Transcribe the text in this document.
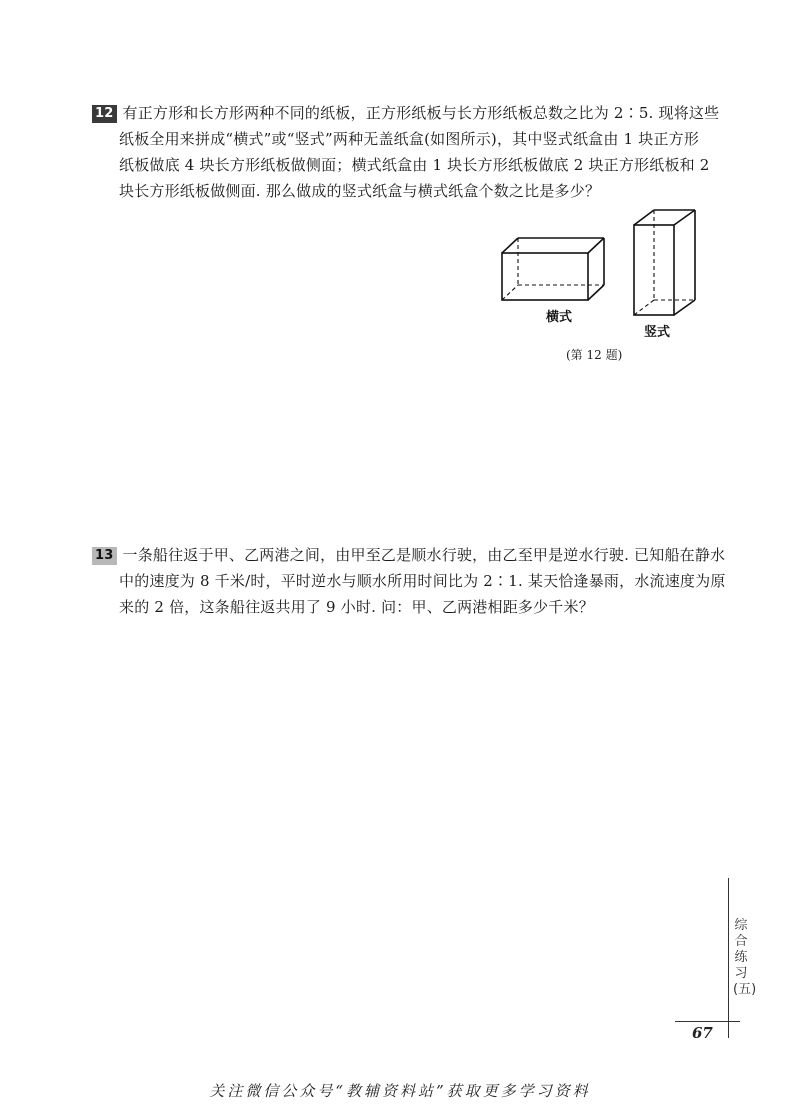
12 有正方形和长方形两种不同的纸板，正方形纸板与长方形纸板总数之比为 2∶5. 现将这些
纸板全用来拼成“横式”或“竖式”两种无盖纸盒(如图所示)，其中竖式纸盒由 1 块正方形
纸板做底 4 块长方形纸板做侧面；横式纸盒由 1 块长方形纸板做底 2 块正方形纸板和 2
块长方形纸板做侧面. 那么做成的竖式纸盒与横式纸盒个数之比是多少？
横式
竖式
(第 12 题)
13 一条船往返于甲、乙两港之间，由甲至乙是顺水行驶，由乙至甲是逆水行驶. 已知船在静水
中的速度为 8 千米/时，平时逆水与顺水所用时间比为 2∶1. 某天恰逢暴雨，水流速度为原
来的 2 倍，这条船往返共用了 9 小时. 问：甲、乙两港相距多少千米？
综合练习(五)
67
关注微信公众号“教辅资料站”获取更多学习资料
